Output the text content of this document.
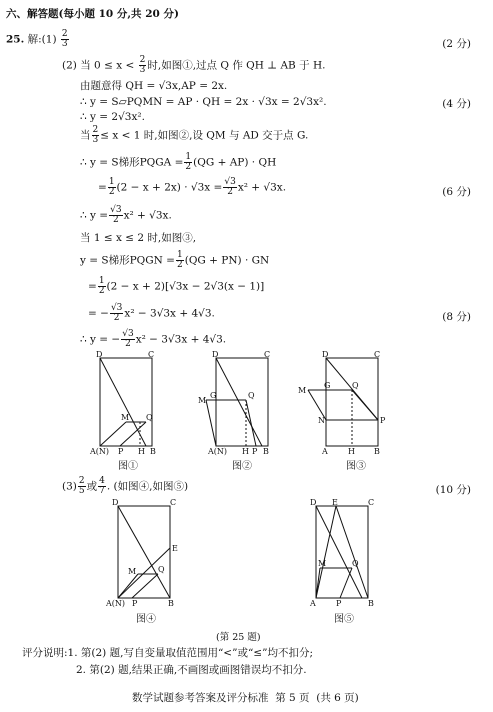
六、解答题(每小题 10 分,共 20 分)
25. 解:(1) $\frac{2}{3}$	(2 分)
(2) 当 $0 \le x < \frac{2}{3}$ 时,如图①,过点 Q 作 QH ⊥ AB 于 H.
由题意得 QH = √3x,AP = 2x.
∴ y = S▱PQMN = AP · QH = 2x · √3x = 2√3x².	(4 分)
∴ y = 2√3x².
当 $\frac{2}{3} \le x < 1$ 时,如图②,设 QM 与 AD 交于点 G.
∴ y = S梯形PQGA = $\frac{1}{2} (QG + AP)$ · QH
= $\frac{1}{2} (2 - x + 2x) \cdot √3x = \frac{√3}{2} x^2 + √3x$.	(6 分)
∴ $y = \frac{√3}{2} x^2 + √3x$.
当 1 ≤ x ≤ 2 时,如图③,
y = S梯形PQGN = $\frac{1}{2} (QG + PN)$ · GN
= $\frac{1}{2} (2 - x + 2)[√3x - 2√3(x - 1)]$
= − $\frac{√3}{2} x^2 - 3√3x + 4√3$.	(8 分)
∴ y = − $\frac{√3}{2} x^2 - 3√3x + 4√3$.
D	C
M Q
A(N) P H B
图①
D	C
M
G	Q
A(N) H P B
图②
D	C
M
G	Q
N	P
A	H B
图③
$(3) \frac{2}{5}$ 或 $\frac{4}{7}$ . (如图④,如图⑤)	(10 分)
D	C
E
M	Q
A(N) P	B
图④
D E	C
M	Q
A	P	B
图⑤
(第 25 题)
评分说明:1. 第(2) 题,写自变量取值范围用“<”或“≤”均不扣分;
2. 第(2) 题,结果正确,不画图或画图错误均不扣分.
数学试题参考答案及评分标准 第 5 页 (共 6 页)
